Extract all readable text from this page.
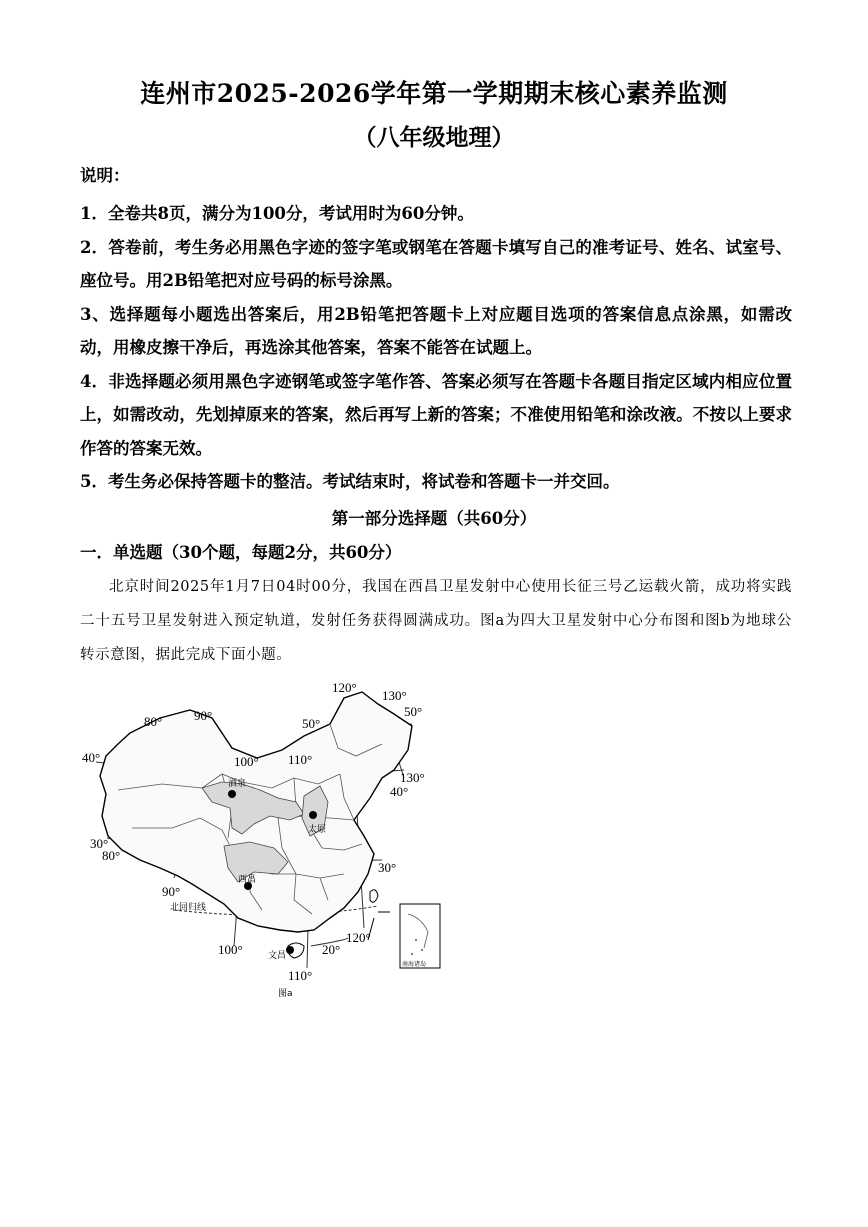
连州市2025-2026学年第一学期期末核心素养监测
（八年级地理）
说明：
1．全卷共8页，满分为100分，考试用时为60分钟。
2．答卷前，考生务必用黑色字迹的签字笔或钢笔在答题卡填写自己的准考证号、姓名、试室号、座位号。用2B铅笔把对应号码的标号涂黑。
3、选择题每小题选出答案后，用2B铅笔把答题卡上对应题目选项的答案信息点涂黑，如需改动，用橡皮擦干净后，再选涂其他答案，答案不能答在试题上。
4．非选择题必须用黑色字迹钢笔或签字笔作答、答案必须写在答题卡各题目指定区域内相应位置上，如需改动，先划掉原来的答案，然后再写上新的答案；不准使用铅笔和涂改液。不按以上要求作答的答案无效。
5．考生务必保持答题卡的整洁。考试结束时，将试卷和答题卡一并交回。
第一部分选择题（共60分）
一．单选题（30个题，每题2分，共60分）
北京时间2025年1月7日04时00分，我国在西昌卫星发射中心使用长征三号乙运载火箭，成功将实践二十五号卫星发射进入预定轨道，发射任务获得圆满成功。图a为四大卫星发射中心分布图和图b为地球公转示意图，据此完成下面小题。
酒泉
太原
西昌
文昌
80° 90°
100° 110°
120°
130°
80°
90°
100°
110°
120°
130°
40°
30°
50°
50°
40°
30°
20°
北回归线
南海诸岛
图a
